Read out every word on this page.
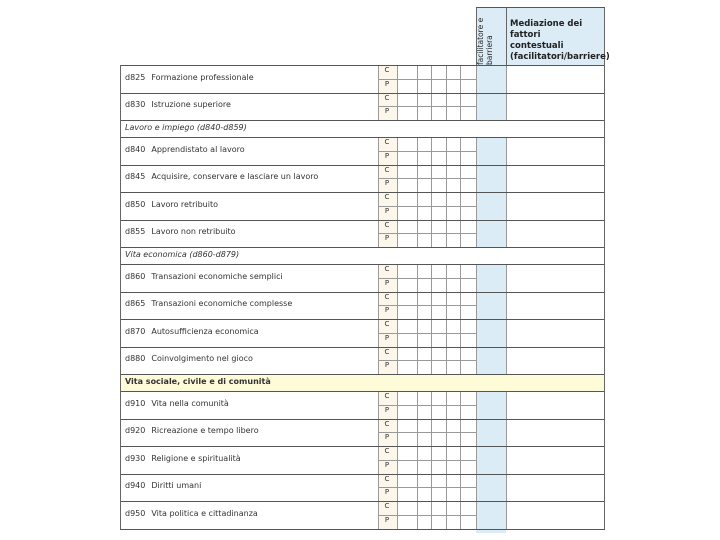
d825 Formazione professionale
C
P
d830 Istruzione superiore
C
P
Lavoro e impiego (d840-d859)
d840 Apprendistato al lavoro
C
P
d845 Acquisire, conservare e lasciare un lavoro
C
P
d850 Lavoro retribuito
C
P
d855 Lavoro non retribuito
C
P
Vita economica (d860-d879)
d860 Transazioni economiche semplici
C
P
d865 Transazioni economiche complesse
C
P
d870 Autosufficienza economica
C
P
d880 Coinvolgimento nel gioco
C
P
Vita sociale, civile e di comunità
d910 Vita nella comunità
C
P
d920 Ricreazione e tempo libero
C
P
d930 Religione e spiritualità
C
P
d940 Diritti umani
C
P
d950 Vita politica e cittadinanza
C
P
facilitatore e barriera
Mediazione dei fattori
contestuali
(facilitatori/barriere)
